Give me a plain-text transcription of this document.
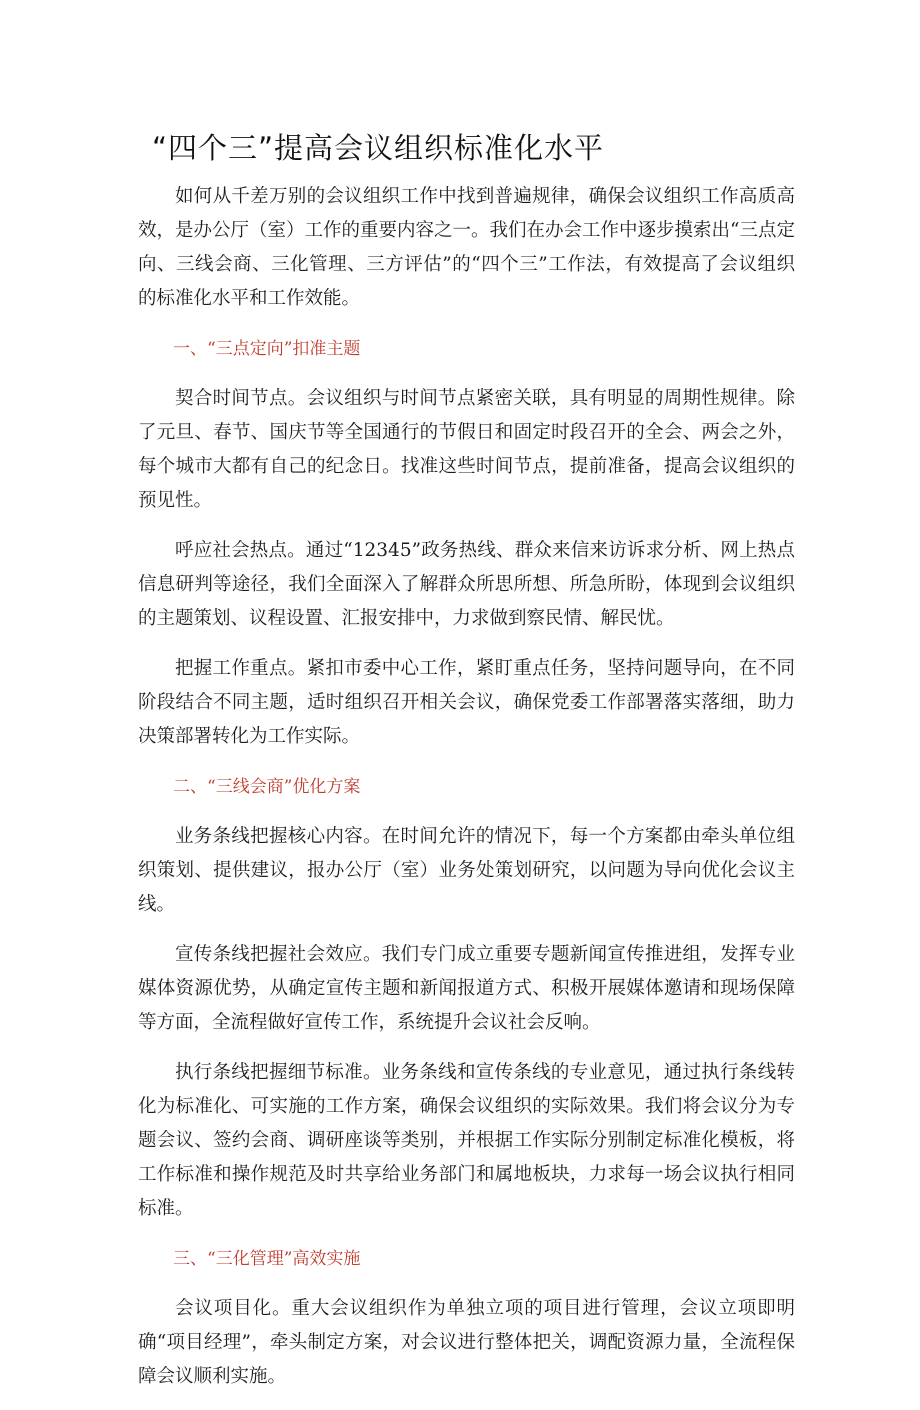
“四个三”提高会议组织标准化水平

如何从千差万别的会议组织工作中找到普遍规律，确保会议组织工作高质高效，是办公厅（室）工作的重要内容之一。我们在办会工作中逐步摸索出“三点定向、三线会商、三化管理、三方评估”的“四个三”工作法，有效提高了会议组织的标准化水平和工作效能。

一、“三点定向”扣准主题

契合时间节点。会议组织与时间节点紧密关联，具有明显的周期性规律。除了元旦、春节、国庆节等全国通行的节假日和固定时段召开的全会、两会之外，每个城市大都有自己的纪念日。找准这些时间节点，提前准备，提高会议组织的预见性。

呼应社会热点。通过“12345”政务热线、群众来信来访诉求分析、网上热点信息研判等途径，我们全面深入了解群众所思所想、所急所盼，体现到会议组织的主题策划、议程设置、汇报安排中，力求做到察民情、解民忧。

把握工作重点。紧扣市委中心工作，紧盯重点任务，坚持问题导向，在不同阶段结合不同主题，适时组织召开相关会议，确保党委工作部署落实落细，助力决策部署转化为工作实际。

二、“三线会商”优化方案

业务条线把握核心内容。在时间允许的情况下，每一个方案都由牵头单位组织策划、提供建议，报办公厅（室）业务处策划研究，以问题为导向优化会议主线。

宣传条线把握社会效应。我们专门成立重要专题新闻宣传推进组，发挥专业媒体资源优势，从确定宣传主题和新闻报道方式、积极开展媒体邀请和现场保障等方面，全流程做好宣传工作，系统提升会议社会反响。

执行条线把握细节标准。业务条线和宣传条线的专业意见，通过执行条线转化为标准化、可实施的工作方案，确保会议组织的实际效果。我们将会议分为专题会议、签约会商、调研座谈等类别，并根据工作实际分别制定标准化模板，将工作标准和操作规范及时共享给业务部门和属地板块，力求每一场会议执行相同标准。

三、“三化管理”高效实施

会议项目化。重大会议组织作为单独立项的项目进行管理，会议立项即明确“项目经理”，牵头制定方案，对会议进行整体把关，调配资源力量，全流程保障会议顺利实施。
